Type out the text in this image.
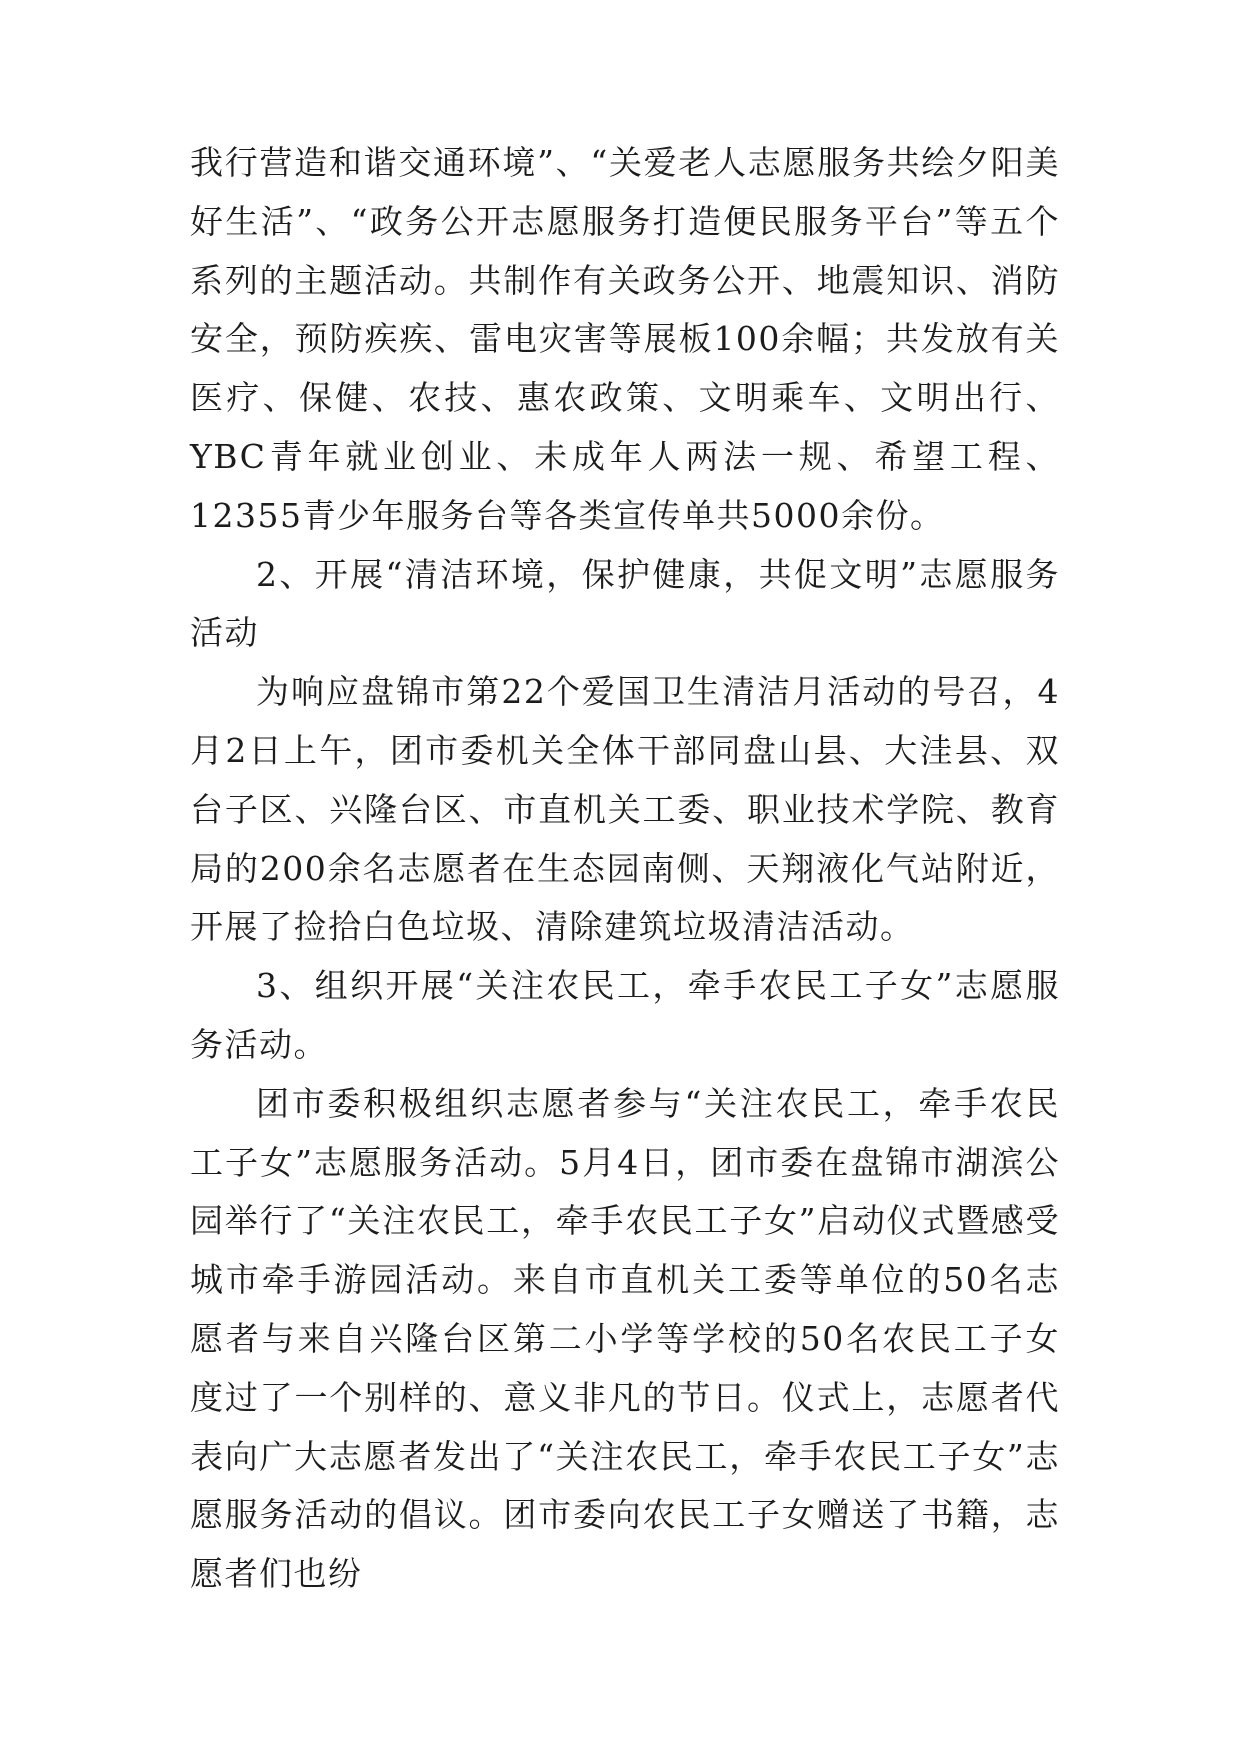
我行营造和谐交通环境”、“关爱老人志愿服务共绘夕阳美好生活”、“政务公开志愿服务打造便民服务平台”等五个系列的主题活动。共制作有关政务公开、地震知识、消防安全，预防疾疾、雷电灾害等展板100余幅；共发放有关医疗、保健、农技、惠农政策、文明乘车、文明出行、YBC青年就业创业、未成年人两法一规、希望工程、12355青少年服务台等各类宣传单共5000余份。

2、开展“清洁环境，保护健康，共促文明”志愿服务活动

为响应盘锦市第22个爱国卫生清洁月活动的号召，4月2日上午，团市委机关全体干部同盘山县、大洼县、双台子区、兴隆台区、市直机关工委、职业技术学院、教育局的200余名志愿者在生态园南侧、天翔液化气站附近，开展了捡拾白色垃圾、清除建筑垃圾清洁活动。

3、组织开展“关注农民工，牵手农民工子女”志愿服务活动。

团市委积极组织志愿者参与“关注农民工，牵手农民工子女”志愿服务活动。5月4日，团市委在盘锦市湖滨公园举行了“关注农民工，牵手农民工子女”启动仪式暨感受城市牵手游园活动。来自市直机关工委等单位的50名志愿者与来自兴隆台区第二小学等学校的50名农民工子女度过了一个别样的、意义非凡的节日。仪式上，志愿者代表向广大志愿者发出了“关注农民工，牵手农民工子女”志愿服务活动的倡议。团市委向农民工子女赠送了书籍，志愿者们也纷
